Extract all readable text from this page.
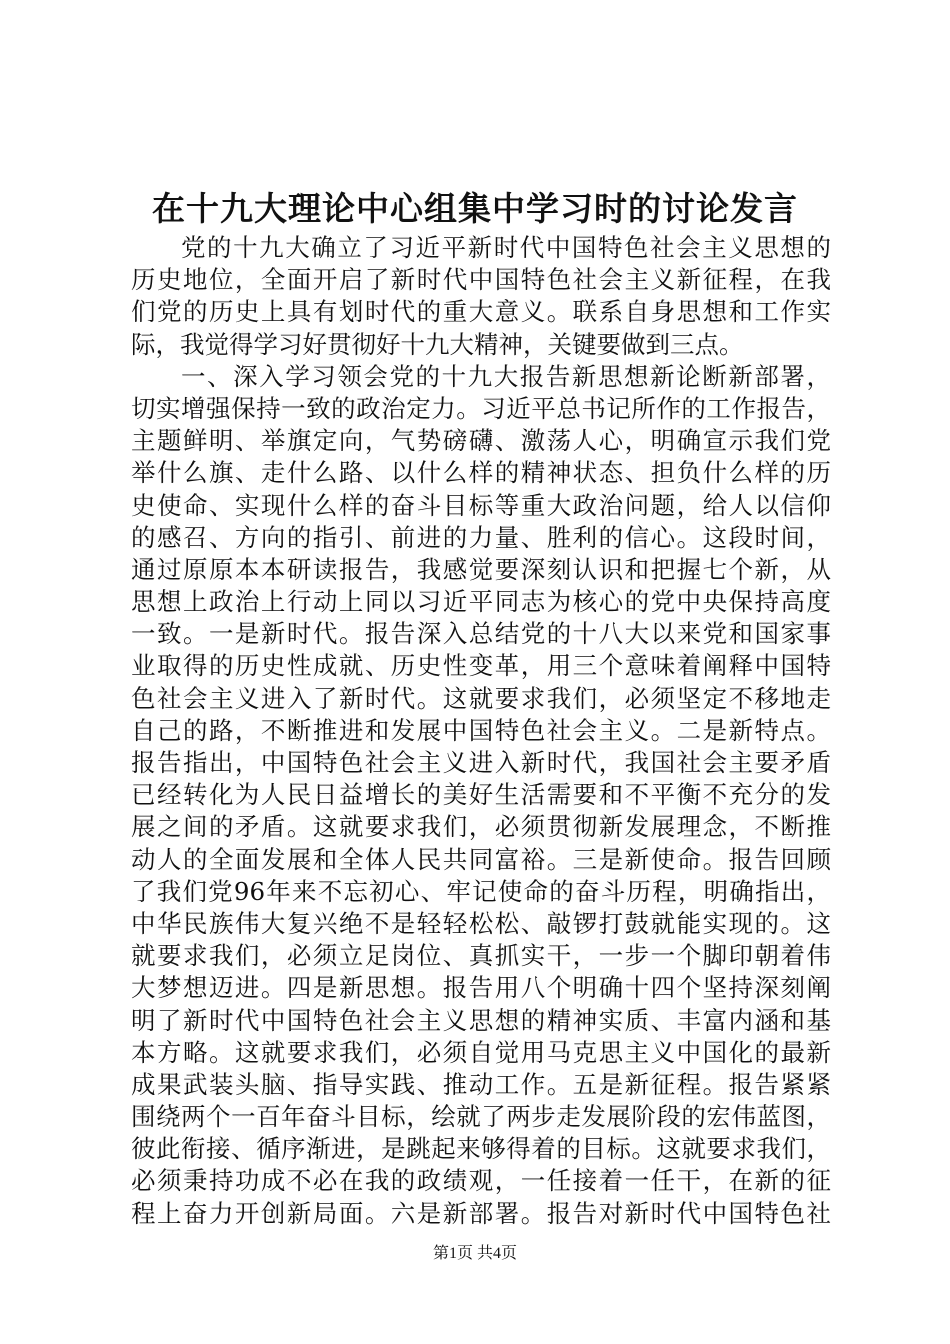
在十九大理论中心组集中学习时的讨论发言
党的十九大确立了习近平新时代中国特色社会主义思想的
历史地位，全面开启了新时代中国特色社会主义新征程，在我
们党的历史上具有划时代的重大意义。联系自身思想和工作实
际，我觉得学习好贯彻好十九大精神，关键要做到三点。
一、深入学习领会党的十九大报告新思想新论断新部署，
切实增强保持一致的政治定力。习近平总书记所作的工作报告，
主题鲜明、举旗定向，气势磅礴、激荡人心，明确宣示我们党
举什么旗、走什么路、以什么样的精神状态、担负什么样的历
史使命、实现什么样的奋斗目标等重大政治问题，给人以信仰
的感召、方向的指引、前进的力量、胜利的信心。这段时间，
通过原原本本研读报告，我感觉要深刻认识和把握七个新，从
思想上政治上行动上同以习近平同志为核心的党中央保持高度
一致。一是新时代。报告深入总结党的十八大以来党和国家事
业取得的历史性成就、历史性变革，用三个意味着阐释中国特
色社会主义进入了新时代。这就要求我们，必须坚定不移地走
自己的路，不断推进和发展中国特色社会主义。二是新特点。
报告指出，中国特色社会主义进入新时代，我国社会主要矛盾
已经转化为人民日益增长的美好生活需要和不平衡不充分的发
展之间的矛盾。这就要求我们，必须贯彻新发展理念，不断推
动人的全面发展和全体人民共同富裕。三是新使命。报告回顾
了我们党96年来不忘初心、牢记使命的奋斗历程，明确指出，
中华民族伟大复兴绝不是轻轻松松、敲锣打鼓就能实现的。这
就要求我们，必须立足岗位、真抓实干，一步一个脚印朝着伟
大梦想迈进。四是新思想。报告用八个明确十四个坚持深刻阐
明了新时代中国特色社会主义思想的精神实质、丰富内涵和基
本方略。这就要求我们，必须自觉用马克思主义中国化的最新
成果武装头脑、指导实践、推动工作。五是新征程。报告紧紧
围绕两个一百年奋斗目标，绘就了两步走发展阶段的宏伟蓝图，
彼此衔接、循序渐进，是跳起来够得着的目标。这就要求我们，
必须秉持功成不必在我的政绩观，一任接着一任干，在新的征
程上奋力开创新局面。六是新部署。报告对新时代中国特色社
第1页 共4页
